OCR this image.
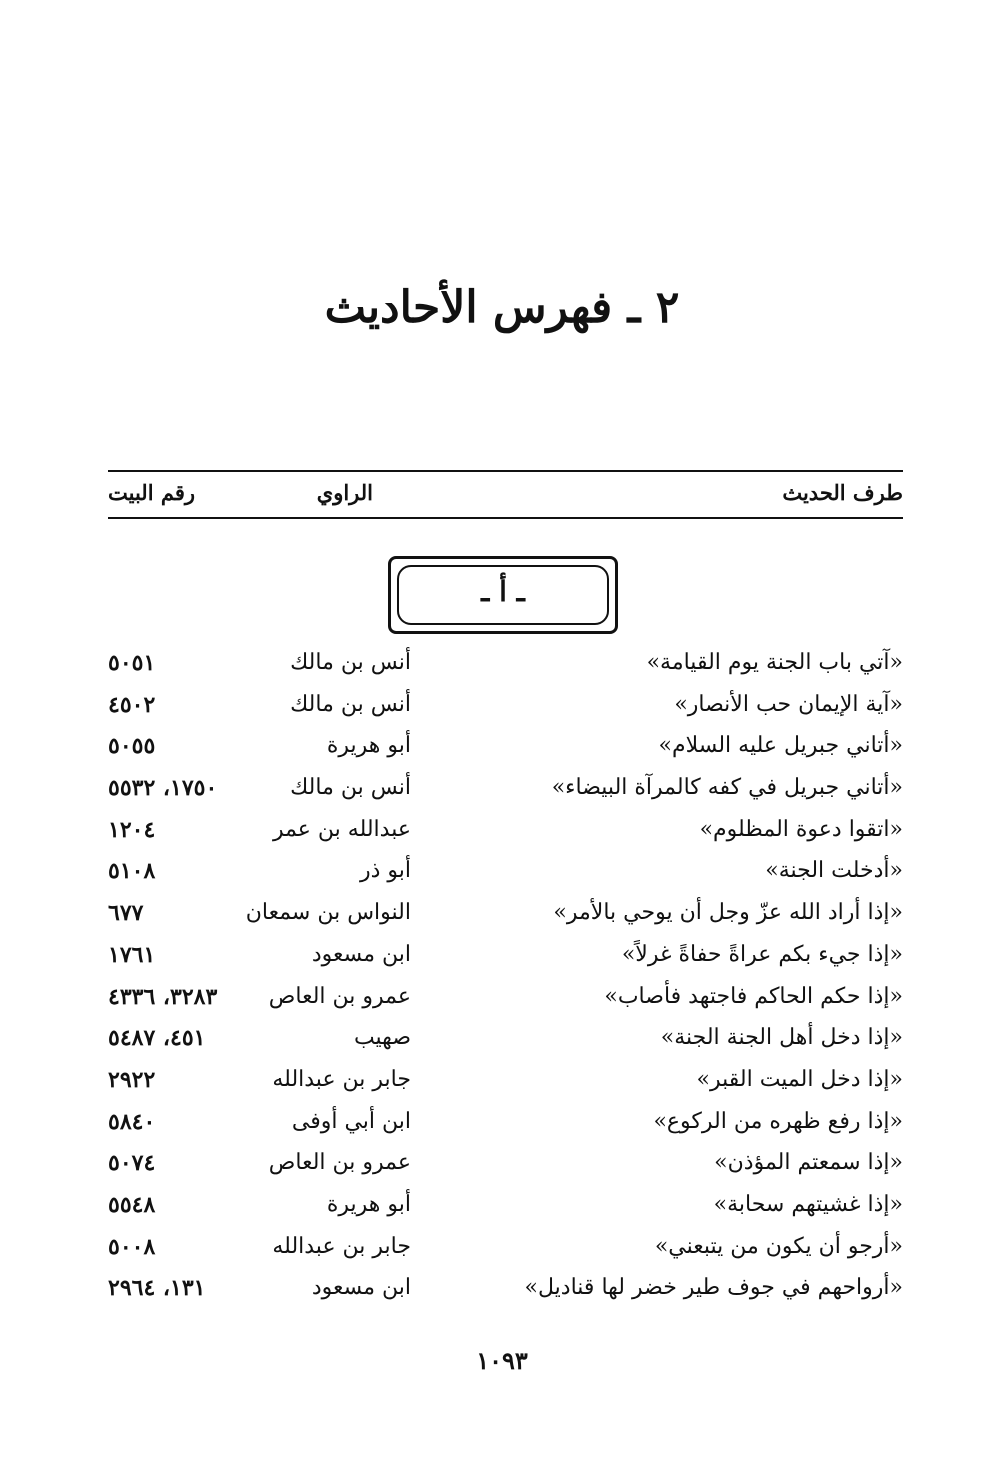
٢ ـ فهرس الأحاديث
طرف الحديث
الراوي
رقم البيت
ـ أ ـ
«آتي باب الجنة يوم القيامة»
أنس بن مالك
٥٠٥١
«آية الإيمان حب الأنصار»
أنس بن مالك
٤٥٠٢
«أتاني جبريل عليه السلام»
أبو هريرة
٥٠٥٥
«أتاني جبريل في كفه كالمرآة البيضاء»
أنس بن مالك
١٧٥٠، ٥٥٣٢
«اتقوا دعوة المظلوم»
عبدالله بن عمر
١٢٠٤
«أدخلت الجنة»
أبو ذر
٥١٠٨
«إذا أراد الله عزّ وجل أن يوحي بالأمر»
النواس بن سمعان
٦٧٧
«إذا جيء بكم عراةً حفاةً غرلاً»
ابن مسعود
١٧٦١
«إذا حكم الحاكم فاجتهد فأصاب»
عمرو بن العاص
٣٢٨٣، ٤٣٣٦
«إذا دخل أهل الجنة الجنة»
صهيب
٤٥١، ٥٤٨٧
«إذا دخل الميت القبر»
جابر بن عبدالله
٢٩٢٢
«إذا رفع ظهره من الركوع»
ابن أبي أوفى
٥٨٤٠
«إذا سمعتم المؤذن»
عمرو بن العاص
٥٠٧٤
«إذا غشيتهم سحابة»
أبو هريرة
٥٥٤٨
«أرجو أن يكون من يتبعني»
جابر بن عبدالله
٥٠٠٨
«أرواحهم في جوف طير خضر لها قناديل»
ابن مسعود
١٣١، ٢٩٦٤
١٠٩٣
